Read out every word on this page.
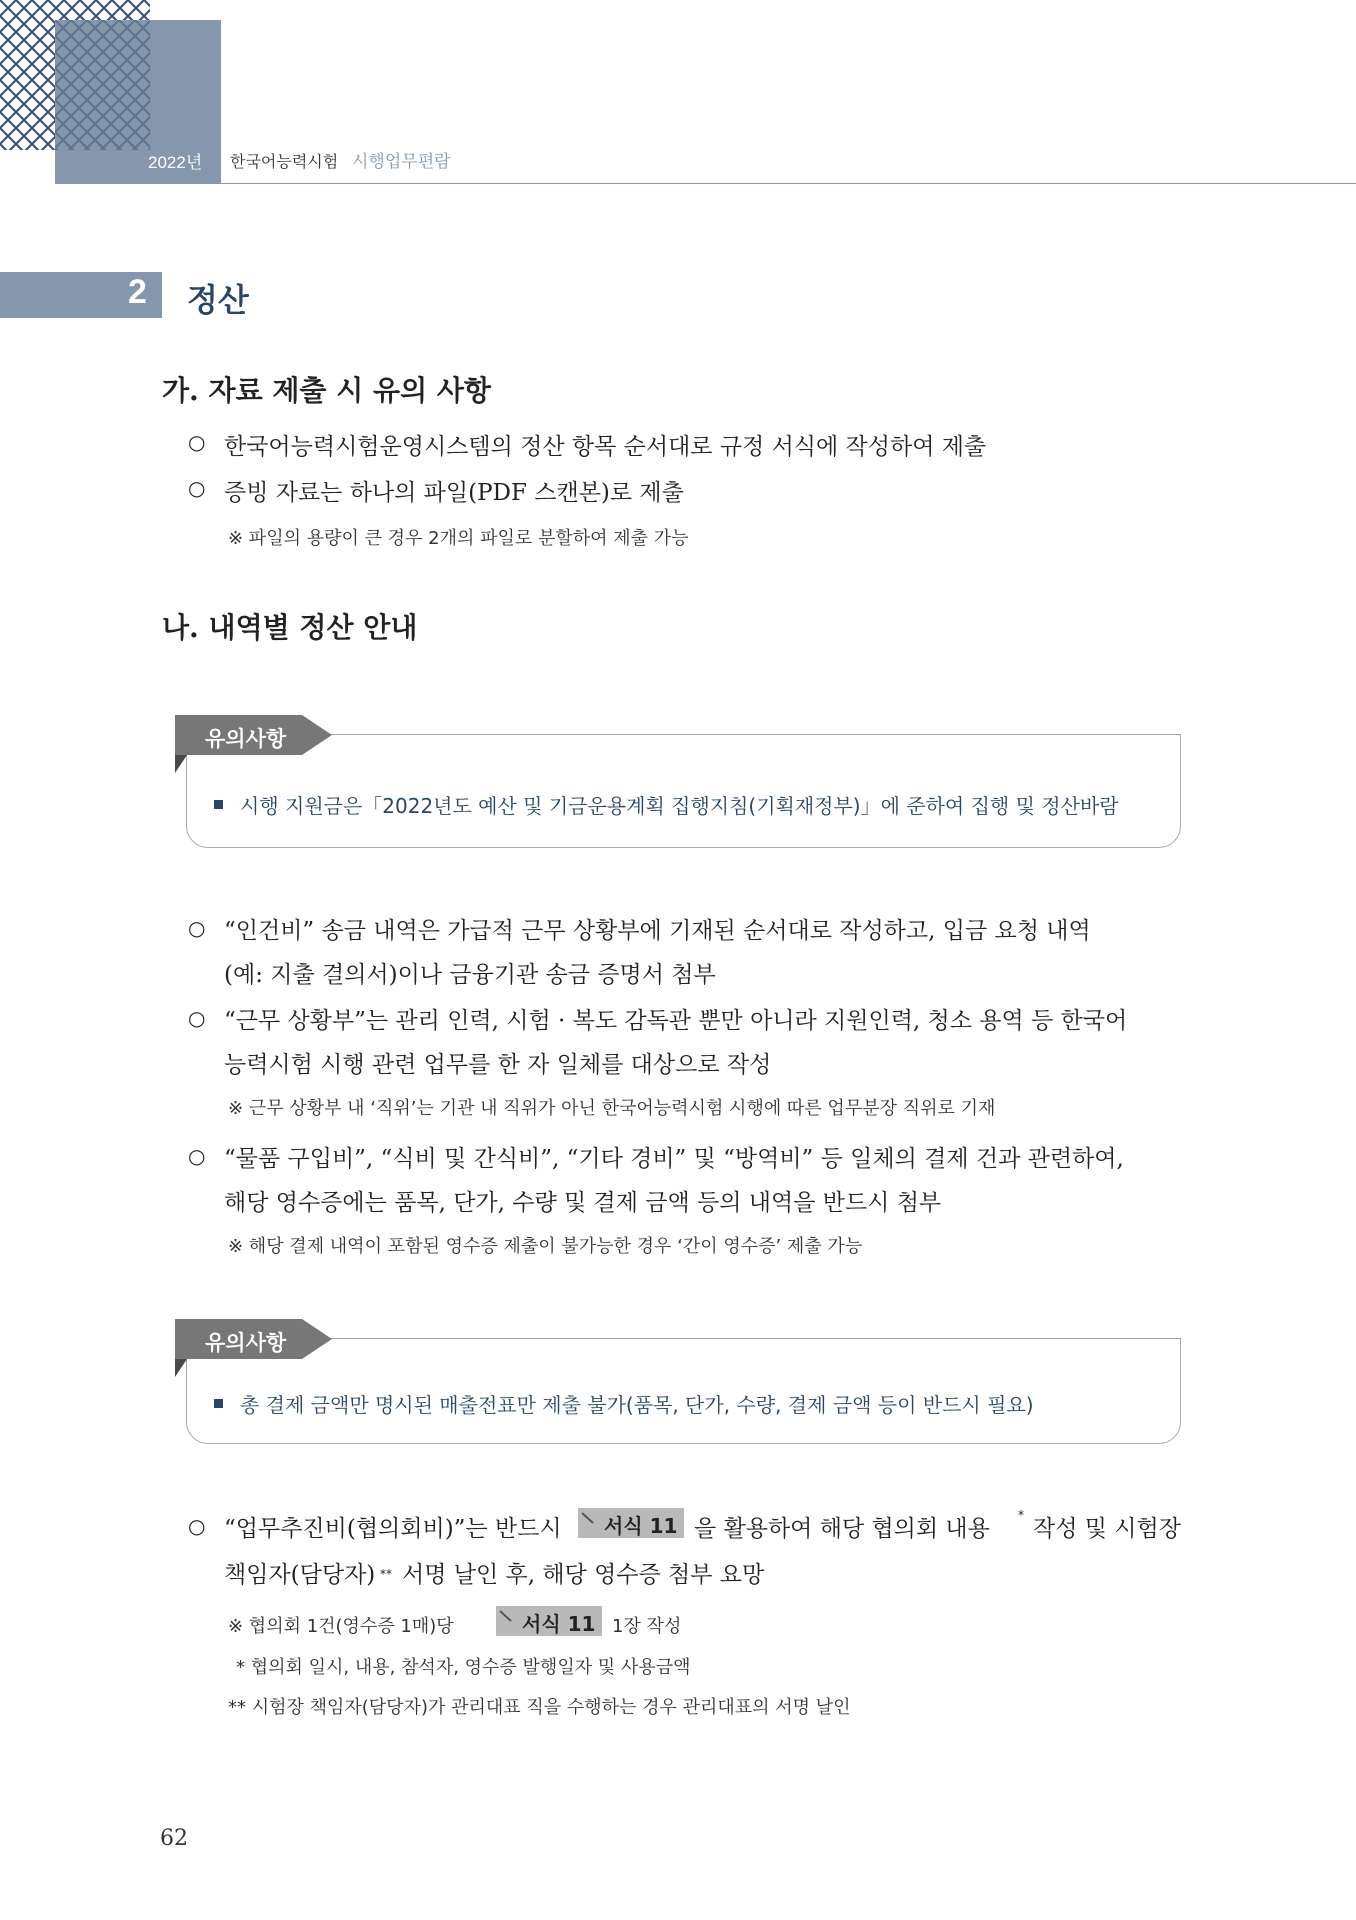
2022년 한국어능력시험 시행업무편람
2 정산
가. 자료 제출 시 유의 사항
○ 한국어능력시험운영시스템의 정산 항목 순서대로 규정 서식에 작성하여 제출
○ 증빙 자료는 하나의 파일(PDF 스캔본)로 제출
※ 파일의 용량이 큰 경우 2개의 파일로 분할하여 제출 가능
나. 내역별 정산 안내
유의사항
시행 지원금은「2022년도 예산 및 기금운용계획 집행지침(기획재정부)」에 준하여 집행 및 정산바람
○ “인건비” 송금 내역은 가급적 근무 상황부에 기재된 순서대로 작성하고, 입금 요청 내역
(예: 지출 결의서)이나 금융기관 송금 증명서 첨부
○ “근무 상황부”는 관리 인력, 시험 · 복도 감독관 뿐만 아니라 지원인력, 청소 용역 등 한국어
능력시험 시행 관련 업무를 한 자 일체를 대상으로 작성
※ 근무 상황부 내 ‘직위’는 기관 내 직위가 아닌 한국어능력시험 시행에 따른 업무분장 직위로 기재
○ “물품 구입비”, “식비 및 간식비”, “기타 경비” 및 “방역비” 등 일체의 결제 건과 관련하여,
해당 영수증에는 품목, 단가, 수량 및 결제 금액 등의 내역을 반드시 첨부
※ 해당 결제 내역이 포함된 영수증 제출이 불가능한 경우 ‘간이 영수증’ 제출 가능
유의사항
총 결제 금액만 명시된 매출전표만 제출 불가(품목, 단가, 수량, 결제 금액 등이 반드시 필요)
○ “업무추진비(협의회비)”는 반드시 서식 11 을 활용하여 해당 협의회 내용
*
작성 및 시험장
책임자(담당자) ** 서명 날인 후, 해당 영수증 첨부 요망
※ 협의회 1건(영수증 1매)당	서식 11 1장 작성
* 협의회 일시, 내용, 참석자, 영수증 발행일자 및 사용금액
** 시험장 책임자(담당자)가 관리대표 직을 수행하는 경우 관리대표의 서명 날인
62
